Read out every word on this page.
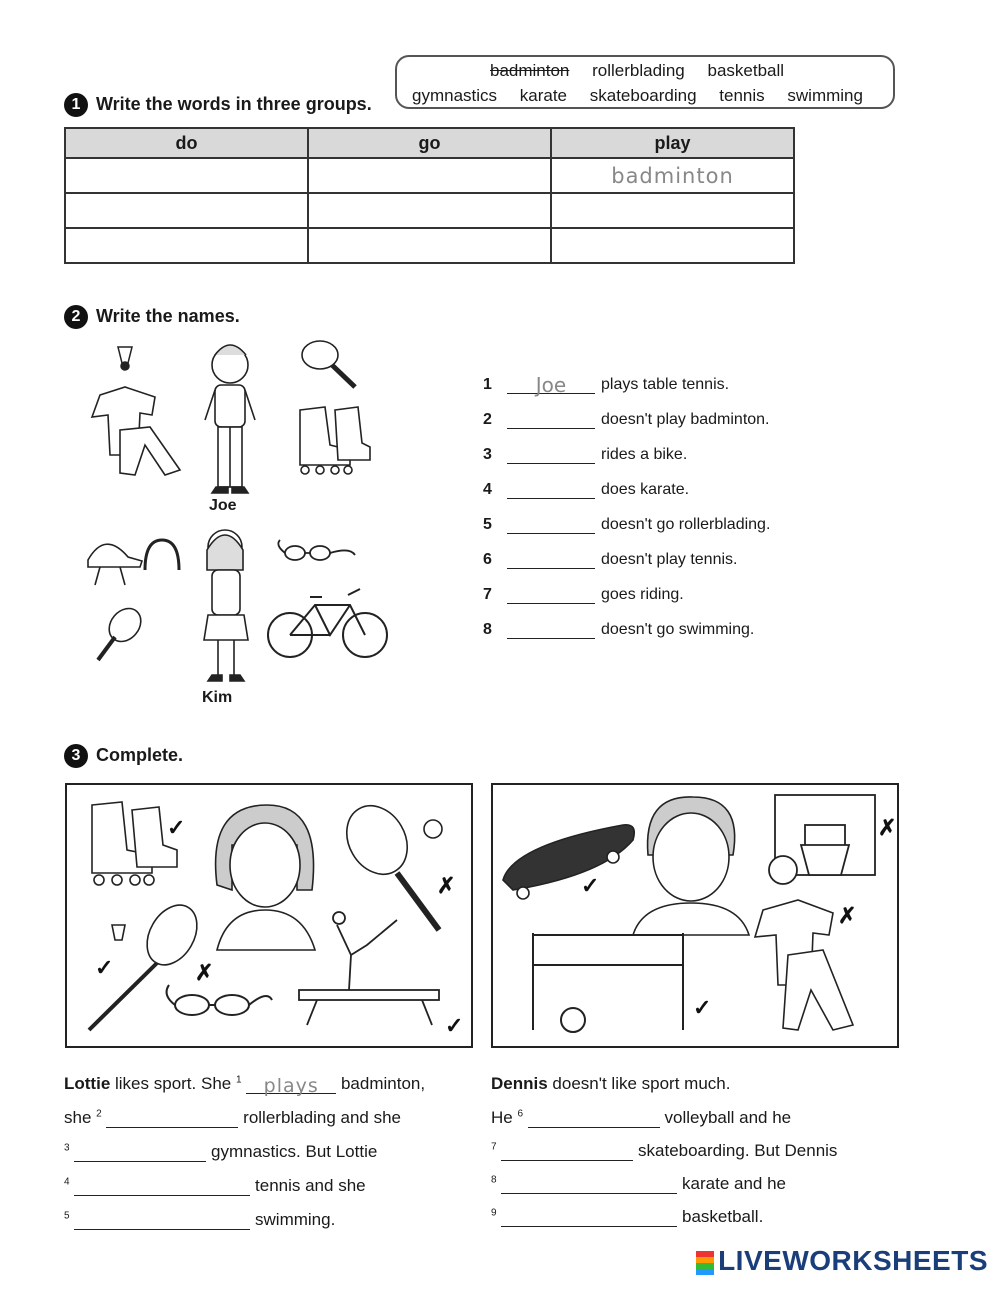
1 Write the words in three groups.
badminton rollerblading basketball
gymnastics karate skateboarding tennis swimming
do	go	play
		badminton

2 Write the names.
Joe
Kim
1 Joe plays table tennis.
2	doesn't play badminton.
3	rides a bike.
4	does karate.
5	doesn't go rollerblading.
6	doesn't play tennis.
7	goes riding.
8	doesn't go swimming.
3 Complete.
✓
✗
✓	✗
✓
✓
✗
✗
✓
Lottie likes sport. She $^1$ plays badminton,
she $^2$	rollerblading and she
$^3$	gymnastics. But Lottie
$^4$	tennis and she
$^5$	swimming.
Dennis doesn't like sport much.
He $^6$	volleyball and he
$^7$	skateboarding. But Dennis
$^8$	karate and he
$^9$	basketball.
LIVEWORKSHEETS
